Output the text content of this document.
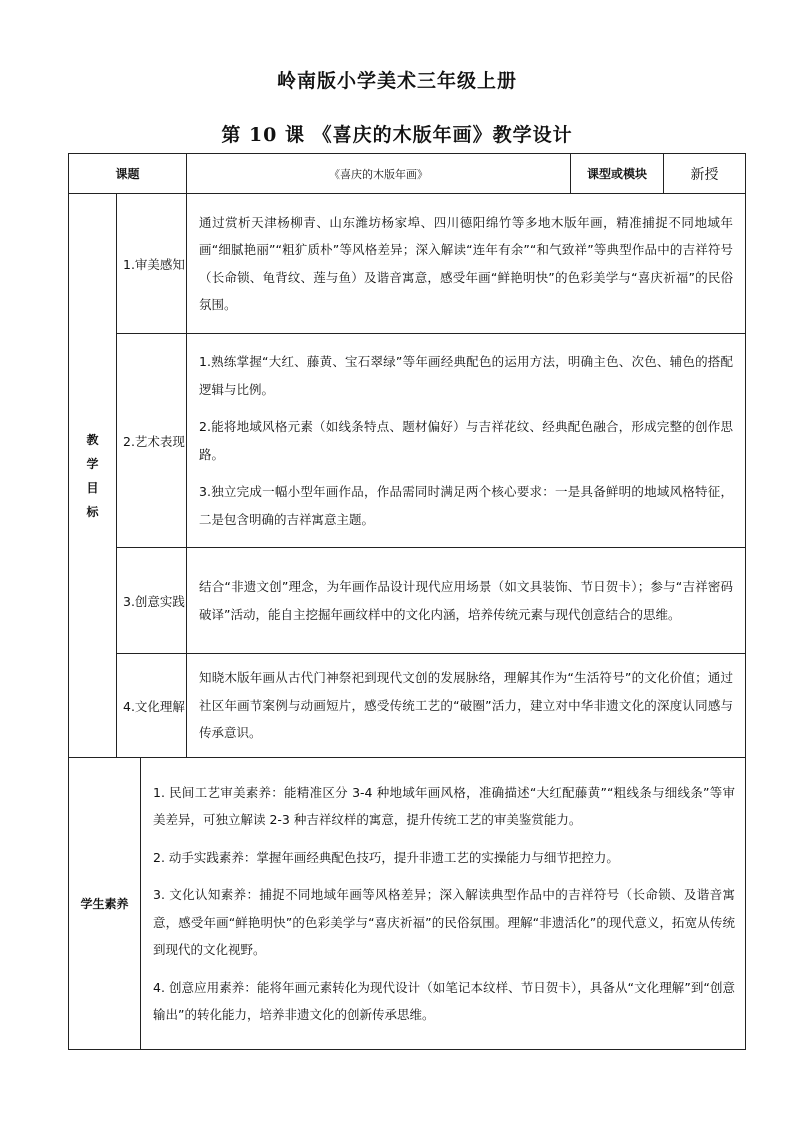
岭南版小学美术三年级上册
第 10 课 《喜庆的木版年画》教学设计
课题			《喜庆的木版年画》	课型或模块	新授

教
学
目
标	1.审美感知		通过赏析天津杨柳青、山东潍坊杨家埠、四川德阳绵竹等多地木版年画，精准捕捉不同地域年画“细腻艳丽”“粗犷质朴”等风格差异；深入解读“连年有余”“和气致祥”等典型作品中的吉祥符号（长命锁、龟背纹、莲与鱼）及谐音寓意，感受年画“鲜艳明快”的色彩美学与“喜庆祈福”的民俗氛围。		

	2.艺术表现		1.熟练掌握“大红、藤黄、宝石翠绿”等年画经典配色的运用方法，明确主色、次色、辅色的搭配逻辑与比例。

2.能将地域风格元素（如线条特点、题材偏好）与吉祥花纹、经典配色融合，形成完整的创作思路。

3.独立完成一幅小型年画作品，作品需同时满足两个核心要求：一是具备鲜明的地域风格特征，二是包含明确的吉祥寓意主题。		

	3.创意实践		结合“非遗文创”理念，为年画作品设计现代应用场景（如文具装饰、节日贺卡）；参与“吉祥密码破译”活动，能自主挖掘年画纹样中的文化内涵，培养传统元素与现代创意结合的思维。		

	4.文化理解		知晓木版年画从古代门神祭祀到现代文创的发展脉络，理解其作为“生活符号”的文化价值；通过社区年画节案例与动画短片，感受传统工艺的“破圈”活力，建立对中华非遗文化的深度认同感与传承意识。		

学生素养		1. 民间工艺审美素养：能精准区分 3-4 种地域年画风格，准确描述“大红配藤黄”“粗线条与细线条”等审美差异，可独立解读 2-3 种吉祥纹样的寓意，提升传统工艺的审美鉴赏能力。

2. 动手实践素养：掌握年画经典配色技巧，提升非遗工艺的实操能力与细节把控力。

3. 文化认知素养：捕捉不同地域年画等风格差异；深入解读典型作品中的吉祥符号（长命锁、及谐音寓意，感受年画“鲜艳明快”的色彩美学与“喜庆祈福”的民俗氛围。理解“非遗活化”的现代意义，拓宽从传统到现代的文化视野。

4. 创意应用素养：能将年画元素转化为现代设计（如笔记本纹样、节日贺卡），具备从“文化理解”到“创意输出”的转化能力，培养非遗文化的创新传承思维。			
